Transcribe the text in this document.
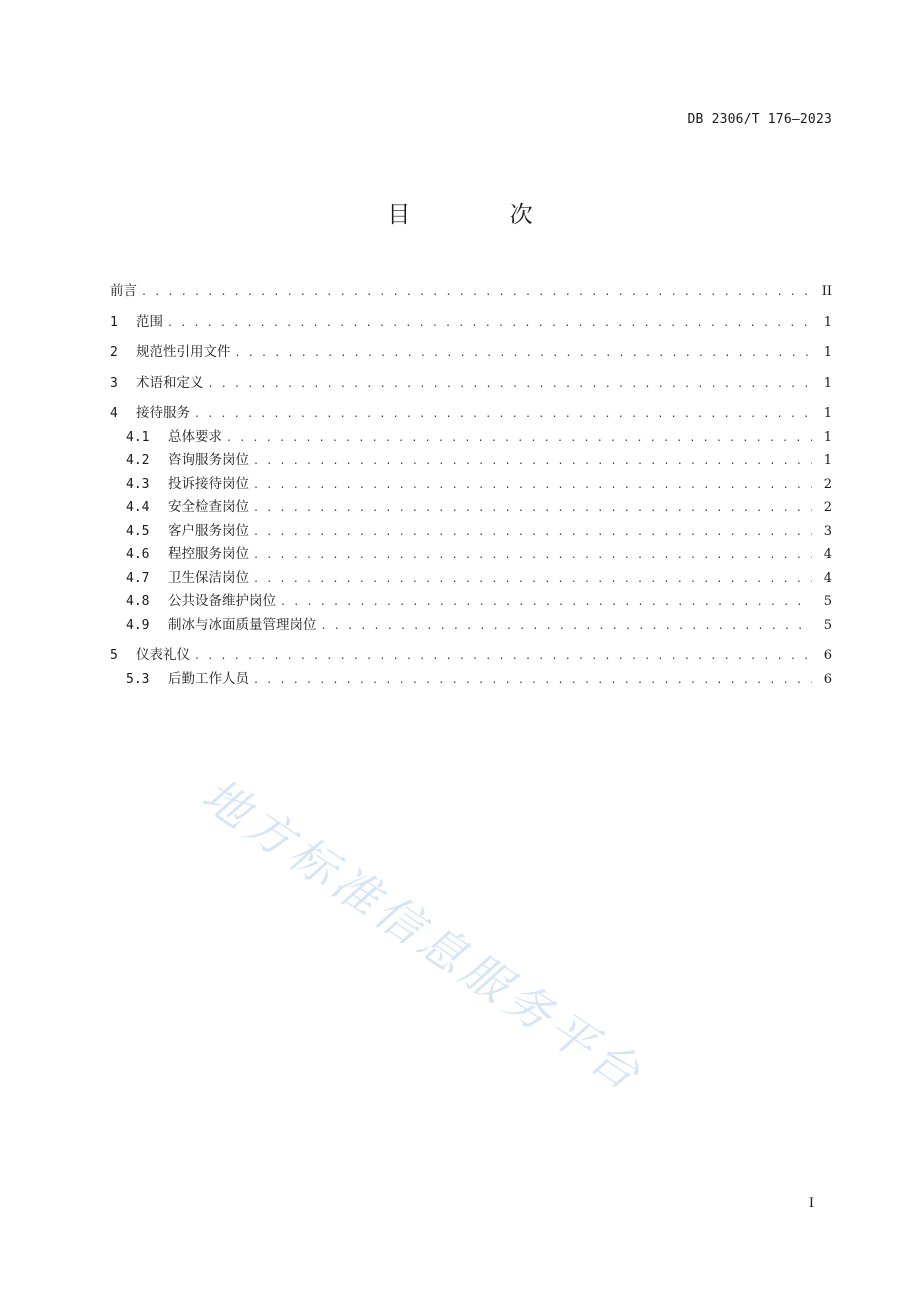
DB 2306/T 176—2023
目 次
前言 . . .	II
1	范围 . . .	1
2	规范性引用文件 . . .	1
3	术语和定义 . . .	1
4	接待服务 . . .	1
4.1	总体要求 . . .	1
4.2	咨询服务岗位 . . .	1
4.3	投诉接待岗位 . . .	2
4.4	安全检查岗位 . . .	2
4.5	客户服务岗位 . . .	3
4.6	程控服务岗位 . . .	4
4.7	卫生保洁岗位 . . .	4
4.8	公共设备维护岗位 . . .	5
4.9	制冰与冰面质量管理岗位 . . .	5
5	仪表礼仪 . . .	6
5.3	后勤工作人员 . . .	6
地方标准信息服务平台
I
